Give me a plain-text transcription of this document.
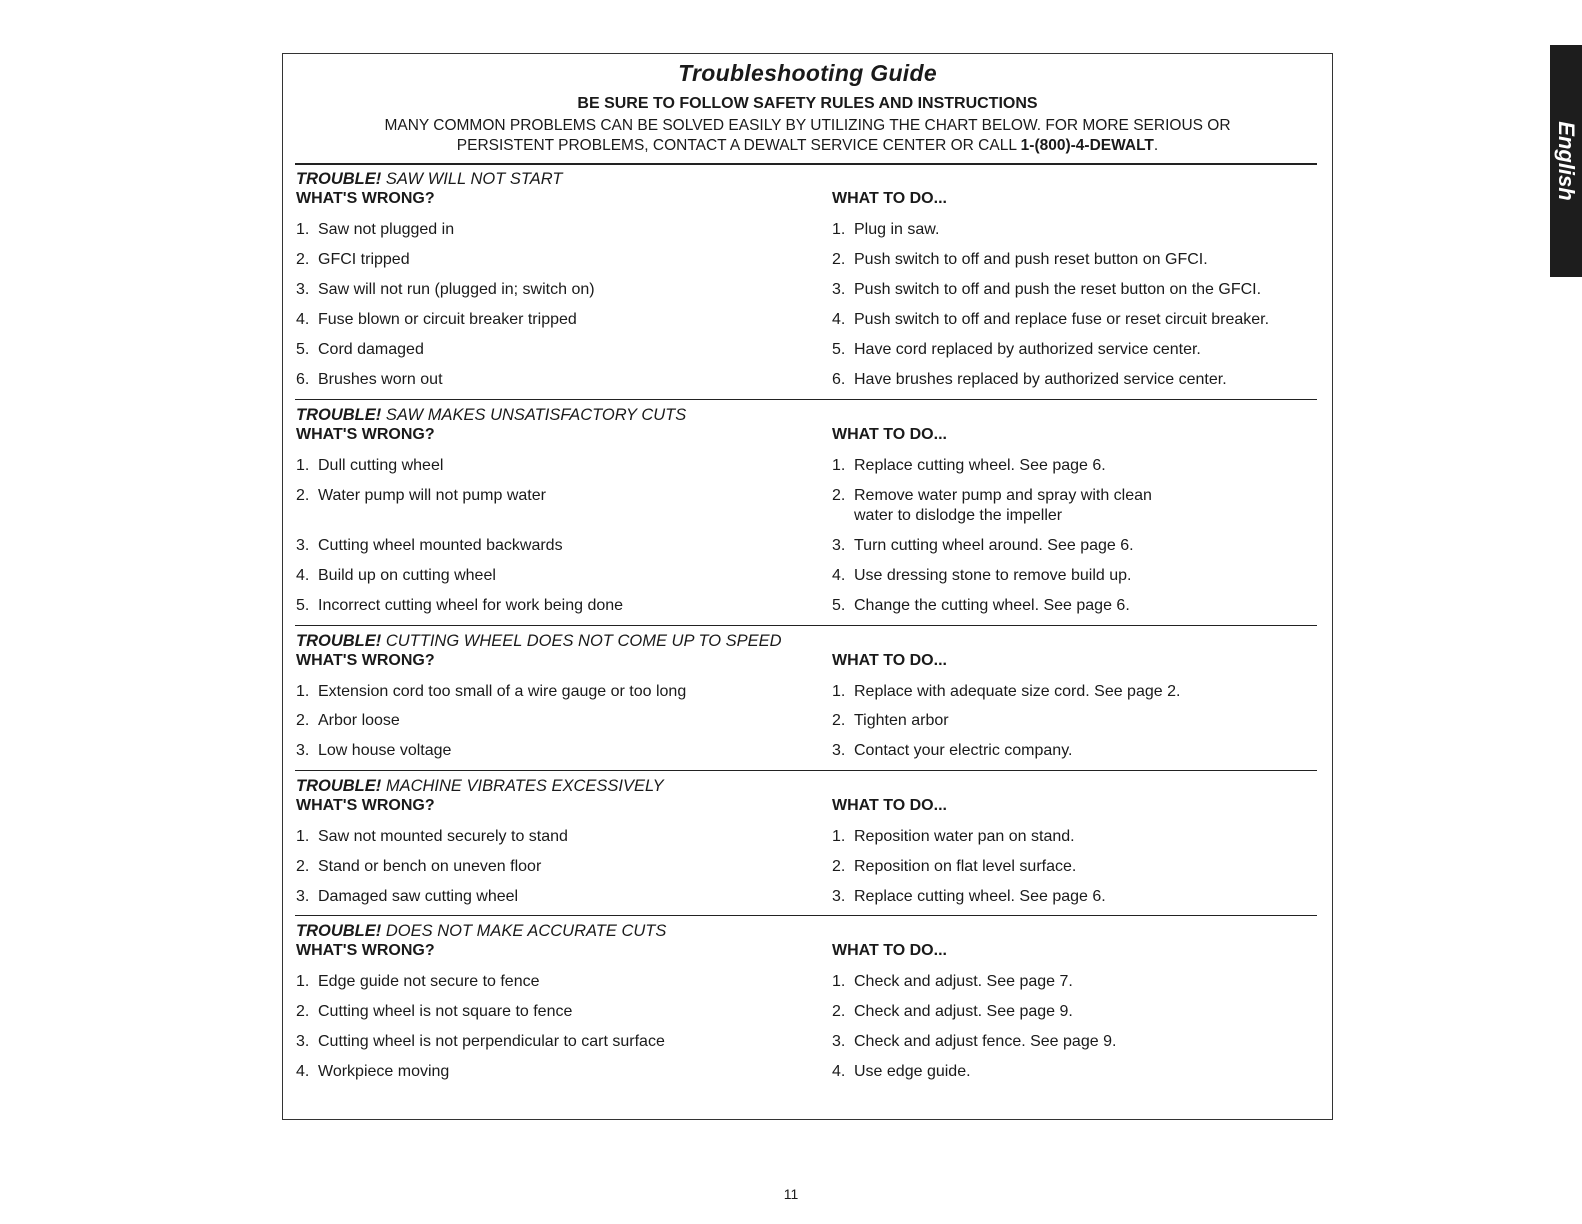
Troubleshooting Guide
BE SURE TO FOLLOW SAFETY RULES AND INSTRUCTIONS
MANY COMMON PROBLEMS CAN BE SOLVED EASILY BY UTILIZING THE CHART BELOW. FOR MORE SERIOUS OR
PERSISTENT PROBLEMS, CONTACT A DEWALT SERVICE CENTER OR CALL 1-(800)-4-DEWALT.
TROUBLE! SAW WILL NOT START
WHAT'S WRONG?	WHAT TO DO...
1. Saw not plugged in	1. Plug in saw.
2. GFCI tripped	2. Push switch to off and push reset button on GFCI.
3. Saw will not run (plugged in; switch on)	3. Push switch to off and push the reset button on the GFCI.
4. Fuse blown or circuit breaker tripped	4. Push switch to off and replace fuse or reset circuit breaker.
5. Cord damaged	5. Have cord replaced by authorized service center.
6. Brushes worn out	6. Have brushes replaced by authorized service center.
TROUBLE! SAW MAKES UNSATISFACTORY CUTS
WHAT'S WRONG?	WHAT TO DO...
1. Dull cutting wheel	1. Replace cutting wheel. See page 6.
2. Water pump will not pump water	2. Remove water pump and spray with clean
water to dislodge the impeller
3. Cutting wheel mounted backwards	3. Turn cutting wheel around. See page 6.
4. Build up on cutting wheel	4. Use dressing stone to remove build up.
5. Incorrect cutting wheel for work being done	5. Change the cutting wheel. See page 6.
TROUBLE! CUTTING WHEEL DOES NOT COME UP TO SPEED
WHAT'S WRONG?	WHAT TO DO...
1. Extension cord too small of a wire gauge or too long	1. Replace with adequate size cord. See page 2.
2. Arbor loose	2. Tighten arbor
3. Low house voltage	3. Contact your electric company.
TROUBLE! MACHINE VIBRATES EXCESSIVELY
WHAT'S WRONG?	WHAT TO DO...
1. Saw not mounted securely to stand	1. Reposition water pan on stand.
2. Stand or bench on uneven floor	2. Reposition on flat level surface.
3. Damaged saw cutting wheel	3. Replace cutting wheel. See page 6.
TROUBLE! DOES NOT MAKE ACCURATE CUTS
WHAT'S WRONG?	WHAT TO DO...
1. Edge guide not secure to fence	1. Check and adjust. See page 7.
2. Cutting wheel is not square to fence	2. Check and adjust. See page 9.
3. Cutting wheel is not perpendicular to cart surface	3. Check and adjust fence. See page 9.
4. Workpiece moving	4. Use edge guide.
11
English
